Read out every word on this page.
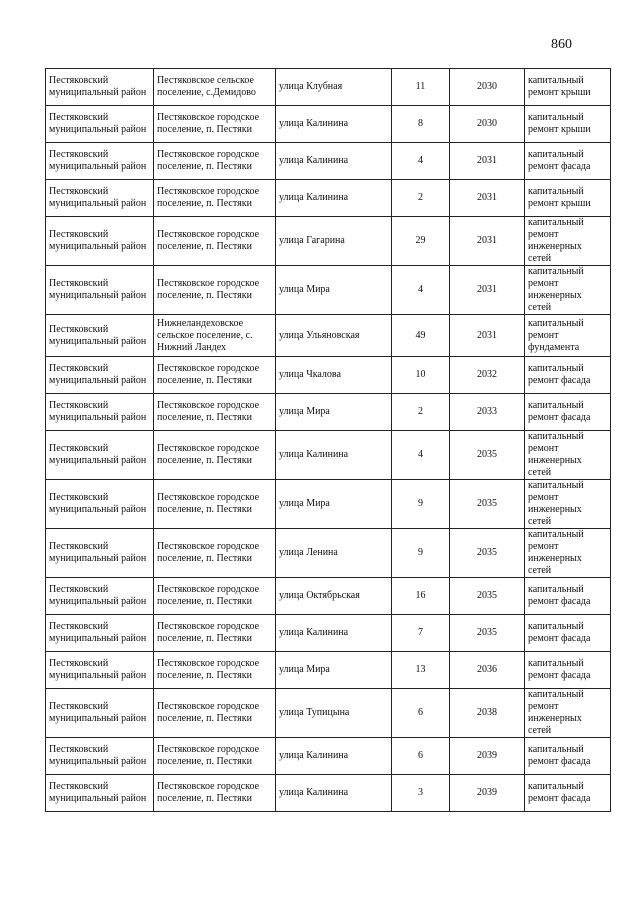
860
Пестяковский муниципальный район	Пестяковское сельское поселение, с.Демидово	улица Клубная	11	2030	капитальный ремонт крыши
Пестяковский муниципальный район	Пестяковское городское поселение, п. Пестяки	улица Калинина	8	2030	капитальный ремонт крыши
Пестяковский муниципальный район	Пестяковское городское поселение, п. Пестяки	улица Калинина	4	2031	капитальный ремонт фасада
Пестяковский муниципальный район	Пестяковское городское поселение, п. Пестяки	улица Калинина	2	2031	капитальный ремонт крыши
Пестяковский муниципальный район	Пестяковское городское поселение, п. Пестяки	улица Гагарина	29	2031	капитальный ремонт инженерных сетей
Пестяковский муниципальный район	Пестяковское городское поселение, п. Пестяки	улица Мира	4	2031	капитальный ремонт инженерных сетей
Пестяковский муниципальный район	Нижнеландеховское сельское поселение, с. Нижний Ландех	улица Ульяновская	49	2031	капитальный ремонт фундамента
Пестяковский муниципальный район	Пестяковское городское поселение, п. Пестяки	улица Чкалова	10	2032	капитальный ремонт фасада
Пестяковский муниципальный район	Пестяковское городское поселение, п. Пестяки	улица Мира	2	2033	капитальный ремонт фасада
Пестяковский муниципальный район	Пестяковское городское поселение, п. Пестяки	улица Калинина	4	2035	капитальный ремонт инженерных сетей
Пестяковский муниципальный район	Пестяковское городское поселение, п. Пестяки	улица Мира	9	2035	капитальный ремонт инженерных сетей
Пестяковский муниципальный район	Пестяковское городское поселение, п. Пестяки	улица Ленина	9	2035	капитальный ремонт инженерных сетей
Пестяковский муниципальный район	Пестяковское городское поселение, п. Пестяки	улица Октябрьская	16	2035	капитальный ремонт фасада
Пестяковский муниципальный район	Пестяковское городское поселение, п. Пестяки	улица Калинина	7	2035	капитальный ремонт фасада
Пестяковский муниципальный район	Пестяковское городское поселение, п. Пестяки	улица Мира	13	2036	капитальный ремонт фасада
Пестяковский муниципальный район	Пестяковское городское поселение, п. Пестяки	улица Тупицына	6	2038	капитальный ремонт инженерных сетей
Пестяковский муниципальный район	Пестяковское городское поселение, п. Пестяки	улица Калинина	6	2039	капитальный ремонт фасада
Пестяковский муниципальный район	Пестяковское городское поселение, п. Пестяки	улица Калинина	3	2039	капитальный ремонт фасада
